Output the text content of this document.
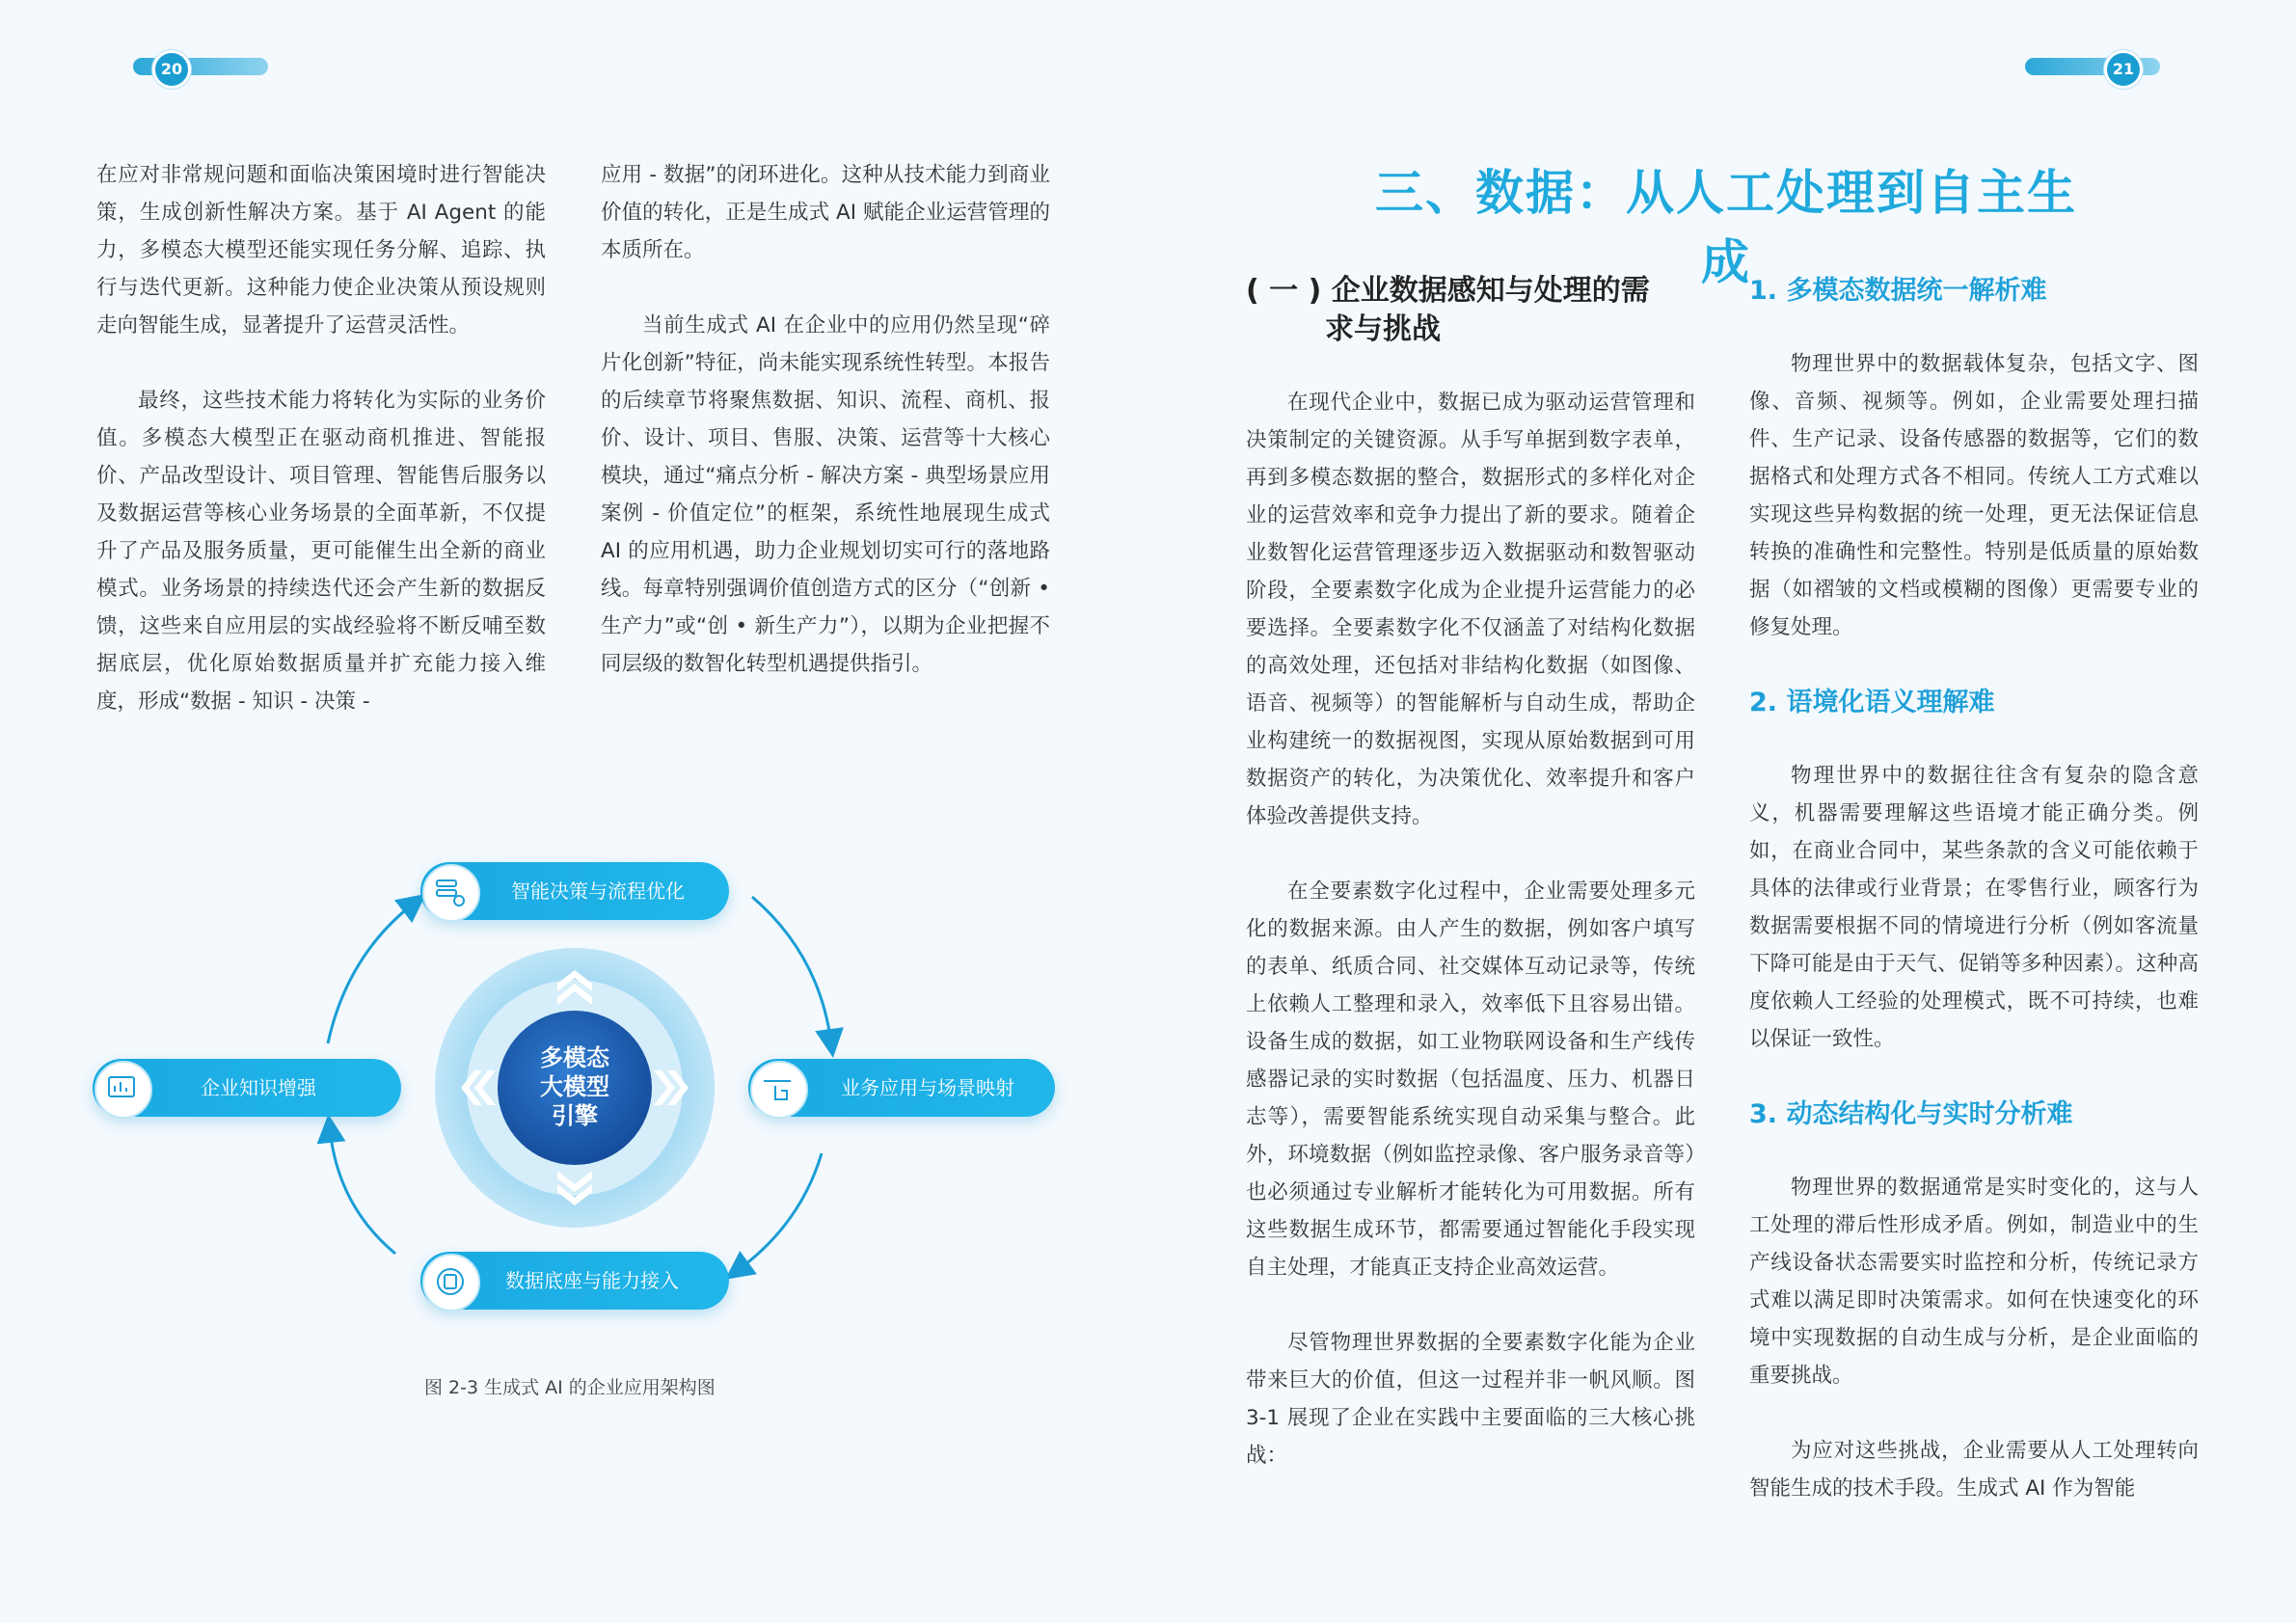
20	21

在应对非常规问题和面临决策困境时进行智能决策，生成创新性解决方案。基于 AI Agent 的能力，多模态大模型还能实现任务分解、追踪、执行与迭代更新。这种能力使企业决策从预设规则走向智能生成，显著提升了运营灵活性。

最终，这些技术能力将转化为实际的业务价值。多模态大模型正在驱动商机推进、智能报价、产品改型设计、项目管理、智能售后服务以及数据运营等核心业务场景的全面革新，不仅提升了产品及服务质量，更可能催生出全新的商业模式。业务场景的持续迭代还会产生新的数据反馈，这些来自应用层的实战经验将不断反哺至数据底层，优化原始数据质量并扩充能力接入维度，形成“数据 - 知识 - 决策 -

应用 - 数据”的闭环进化。这种从技术能力到商业价值的转化，正是生成式 AI 赋能企业运营管理的本质所在。

当前生成式 AI 在企业中的应用仍然呈现“碎片化创新”特征，尚未能实现系统性转型。本报告的后续章节将聚焦数据、知识、流程、商机、报价、设计、项目、售服、决策、运营等十大核心模块，通过“痛点分析 - 解决方案 - 典型场景应用案例 - 价值定位”的框架，系统性地展现生成式 AI 的应用机遇，助力企业规划切实可行的落地路线。每章特别强调价值创造方式的区分（“创新 • 生产力”或“创 • 新生产力”），以期为企业把握不同层级的数智化转型机遇提供指引。

多模态
大模型
引擎
智能决策与流程优化
业务应用与场景映射
数据底座与能力接入
企业知识增强
图 2-3 生成式 AI 的企业应用架构图
三、数据：从人工处理到自主生成
( 一 ) 企业数据感知与处理的需
求与挑战

在现代企业中，数据已成为驱动运营管理和决策制定的关键资源。从手写单据到数字表单，再到多模态数据的整合，数据形式的多样化对企业的运营效率和竞争力提出了新的要求。随着企业数智化运营管理逐步迈入数据驱动和数智驱动阶段，全要素数字化成为企业提升运营能力的必要选择。全要素数字化不仅涵盖了对结构化数据的高效处理，还包括对非结构化数据（如图像、语音、视频等）的智能解析与自动生成，帮助企业构建统一的数据视图，实现从原始数据到可用数据资产的转化，为决策优化、效率提升和客户体验改善提供支持。

在全要素数字化过程中，企业需要处理多元化的数据来源。由人产生的数据，例如客户填写的表单、纸质合同、社交媒体互动记录等，传统上依赖人工整理和录入，效率低下且容易出错。设备生成的数据，如工业物联网设备和生产线传感器记录的实时数据（包括温度、压力、机器日志等），需要智能系统实现自动采集与整合。此外，环境数据（例如监控录像、客户服务录音等）也必须通过专业解析才能转化为可用数据。所有这些数据生成环节，都需要通过智能化手段实现自主处理，才能真正支持企业高效运营。

尽管物理世界数据的全要素数字化能为企业带来巨大的价值，但这一过程并非一帆风顺。图 3-1 展现了企业在实践中主要面临的三大核心挑战：

1. 多模态数据统一解析难

物理世界中的数据载体复杂，包括文字、图像、音频、视频等。例如，企业需要处理扫描件、生产记录、设备传感器的数据等，它们的数据格式和处理方式各不相同。传统人工方式难以实现这些异构数据的统一处理，更无法保证信息转换的准确性和完整性。特别是低质量的原始数据（如褶皱的文档或模糊的图像）更需要专业的修复处理。

2. 语境化语义理解难

物理世界中的数据往往含有复杂的隐含意义，机器需要理解这些语境才能正确分类。例如，在商业合同中，某些条款的含义可能依赖于具体的法律或行业背景；在零售行业，顾客行为数据需要根据不同的情境进行分析（例如客流量下降可能是由于天气、促销等多种因素）。这种高度依赖人工经验的处理模式，既不可持续，也难以保证一致性。

3. 动态结构化与实时分析难

物理世界的数据通常是实时变化的，这与人工处理的滞后性形成矛盾。例如，制造业中的生产线设备状态需要实时监控和分析，传统记录方式难以满足即时决策需求。如何在快速变化的环境中实现数据的自动生成与分析，是企业面临的重要挑战。

为应对这些挑战，企业需要从人工处理转向智能生成的技术手段。生成式 AI 作为智能
